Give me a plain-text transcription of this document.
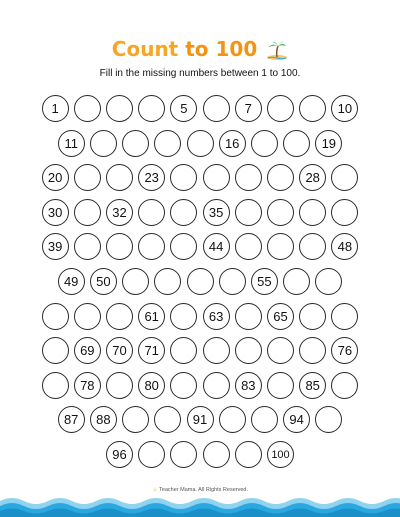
Count to 100
Fill in the missing numbers between 1 to 100.
1	5	7	10
11	16	19
20	23	28
30	32	35
39	44	48
49	50	55
61	63	65
69	70	71	76
78	80	83	85
87	88	91	94
96	100
☺ Teacher Mama. All Rights Reserved.
